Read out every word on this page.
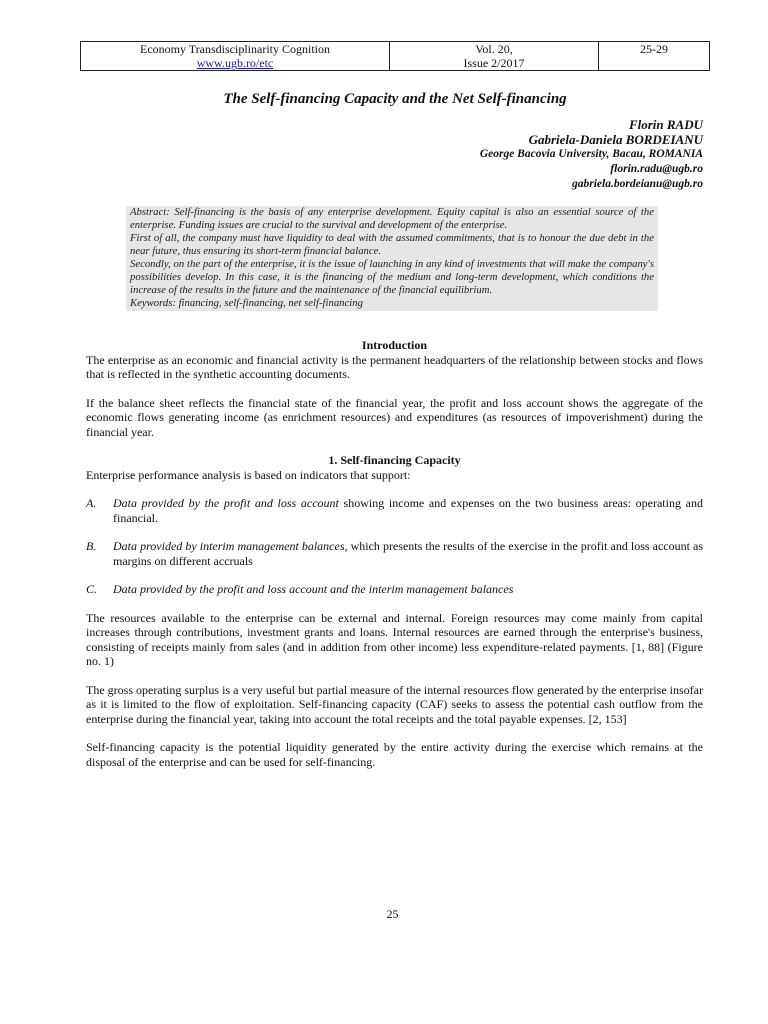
Economy Transdisciplinarity Cognition
www.ugb.ro/etc	
Vol. 20,
Issue 2/2017

25-29
The Self-financing Capacity and the Net Self-financing
Florin RADU
Gabriela-Daniela BORDEIANU
George Bacovia University, Bacau, ROMANIA
florin.radu@ugb.ro
gabriela.bordeianu@ugb.ro

Abstract: Self-financing is the basis of any enterprise development. Equity capital is also an essential source of the enterprise. Funding issues are crucial to the survival and development of the enterprise.

First of all, the company must have liquidity to deal with the assumed commitments, that is to honour the due debt in the near future, thus ensuring its short-term financial balance.

Secondly, on the part of the enterprise, it is the issue of launching in any kind of investments that will make the company's possibilities develop. In this case, it is the financing of the medium and long-term development, which conditions the increase of the results in the future and the maintenance of the financial equilibrium.

Keywords: financing, self-financing, net self-financing

Introduction

The enterprise as an economic and financial activity is the permanent headquarters of the relationship between stocks and flows that is reflected in the synthetic accounting documents.

If the balance sheet reflects the financial state of the financial year, the profit and loss account shows the aggregate of the economic flows generating income (as enrichment resources) and expenditures (as resources of impoverishment) during the financial year.

1. Self-financing Capacity

Enterprise performance analysis is based on indicators that support:

A.	Data provided by the profit and loss account showing income and expenses on the two business areas: operating and financial.
B.	Data provided by interim management balances, which presents the results of the exercise in the profit and loss account as margins on different accruals
C.	Data provided by the profit and loss account and the interim management balances

The resources available to the enterprise can be external and internal. Foreign resources may come mainly from capital increases through contributions, investment grants and loans. Internal resources are earned through the enterprise's business, consisting of receipts mainly from sales (and in addition from other income) less expenditure-related payments. [1, 88] (Figure no. 1)

The gross operating surplus is a very useful but partial measure of the internal resources flow generated by the enterprise insofar as it is limited to the flow of exploitation. Self-financing capacity (CAF) seeks to assess the potential cash outflow from the enterprise during the financial year, taking into account the total receipts and the total payable expenses. [2, 153]

Self-financing capacity is the potential liquidity generated by the entire activity during the exercise which remains at the disposal of the enterprise and can be used for self-financing.

25
